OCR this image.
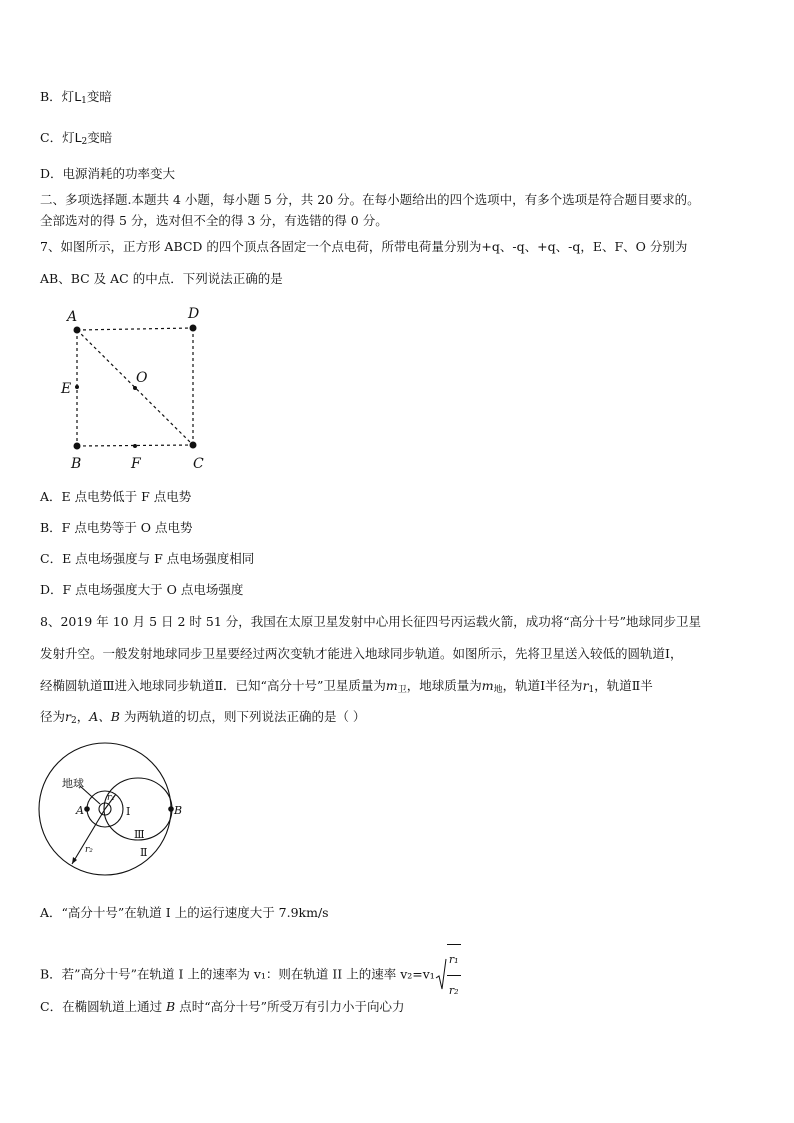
B．灯$L_1$变暗
C．灯$L_2$变暗
D．电源消耗的功率变大
二、多项选择题.本题共 4 小题，每小题 5 分，共 20 分。在每小题给出的四个选项中，有多个选项是符合题目要求的。
全部选对的得 5 分，选对但不全的得 3 分，有选错的得 0 分。
7、如图所示，正方形 ABCD 的四个顶点各固定一个点电荷，所带电荷量分别为+q、-q、+q、-q，E、F、O 分别为
AB、BC 及 AC 的中点．下列说法正确的是
A	D
E
O
B	F	C
A．E 点电势低于 F 点电势
B．F 点电势等于 O 点电势
C．E 点电场强度与 F 点电场强度相同
D．F 点电场强度大于 O 点电场强度
8、2019 年 10 月 5 日 2 时 51 分，我国在太原卫星发射中心用长征四号丙运载火箭，成功将“高分十号”地球同步卫星
发射升空。一般发射地球同步卫星要经过两次变轨才能进入地球同步轨道。如图所示，先将卫星送入较低的圆轨道Ⅰ，
经椭圆轨道Ⅲ进入地球同步轨道Ⅱ．已知“高分十号”卫星质量为$m_卫$，地球质量为$m_地$，轨道Ⅰ半径为$r_1$，轨道Ⅱ半
径为$r_2$，A、B 为两轨道的切点，则下列说法正确的是（ ）
地球
A	B
r₁
r₂
I
Ⅲ
Ⅱ
A．“高分十号”在轨道 I 上的运行速度大于 7.9km/s
B．若”高分十号”在轨道 I 上的速率为 v₁：则在轨道 II 上的速率 $v_2=v_1 \frac{\text{r₁}}{\text{r₂}}$
C．在椭圆轨道上通过 B 点时“高分十号”所受万有引力小于向心力
